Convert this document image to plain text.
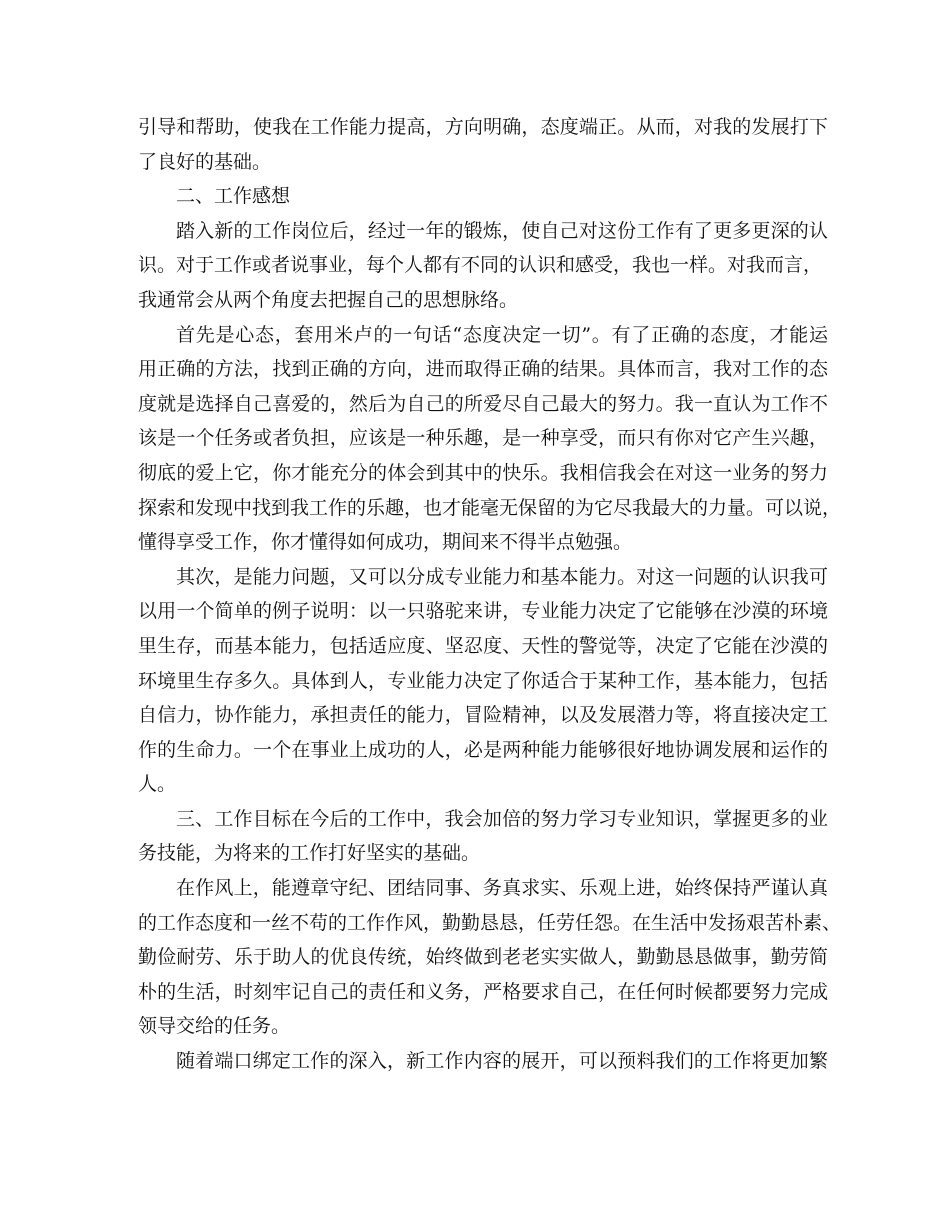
引导和帮助，使我在工作能力提高，方向明确，态度端正。从而，对我的发展打下
了良好的基础。
二、工作感想
踏入新的工作岗位后，经过一年的锻炼，使自己对这份工作有了更多更深的认
识。对于工作或者说事业，每个人都有不同的认识和感受，我也一样。对我而言，
我通常会从两个角度去把握自己的思想脉络。
首先是心态，套用米卢的一句话“态度决定一切”。有了正确的态度，才能运
用正确的方法，找到正确的方向，进而取得正确的结果。具体而言，我对工作的态
度就是选择自己喜爱的，然后为自己的所爱尽自己最大的努力。我一直认为工作不
该是一个任务或者负担，应该是一种乐趣，是一种享受，而只有你对它产生兴趣，
彻底的爱上它，你才能充分的体会到其中的快乐。我相信我会在对这一业务的努力
探索和发现中找到我工作的乐趣，也才能毫无保留的为它尽我最大的力量。可以说，
懂得享受工作，你才懂得如何成功，期间来不得半点勉强。
其次，是能力问题，又可以分成专业能力和基本能力。对这一问题的认识我可
以用一个简单的例子说明：以一只骆驼来讲，专业能力决定了它能够在沙漠的环境
里生存，而基本能力，包括适应度、坚忍度、天性的警觉等，决定了它能在沙漠的
环境里生存多久。具体到人，专业能力决定了你适合于某种工作，基本能力，包括
自信力，协作能力，承担责任的能力，冒险精神，以及发展潜力等，将直接决定工
作的生命力。一个在事业上成功的人，必是两种能力能够很好地协调发展和运作的
人。
三、工作目标在今后的工作中，我会加倍的努力学习专业知识，掌握更多的业
务技能，为将来的工作打好坚实的基础。
在作风上，能遵章守纪、团结同事、务真求实、乐观上进，始终保持严谨认真
的工作态度和一丝不苟的工作作风，勤勤恳恳，任劳任怨。在生活中发扬艰苦朴素、
勤俭耐劳、乐于助人的优良传统，始终做到老老实实做人，勤勤恳恳做事，勤劳简
朴的生活，时刻牢记自己的责任和义务，严格要求自己，在任何时候都要努力完成
领导交给的任务。
随着端口绑定工作的深入，新工作内容的展开，可以预料我们的工作将更加繁
